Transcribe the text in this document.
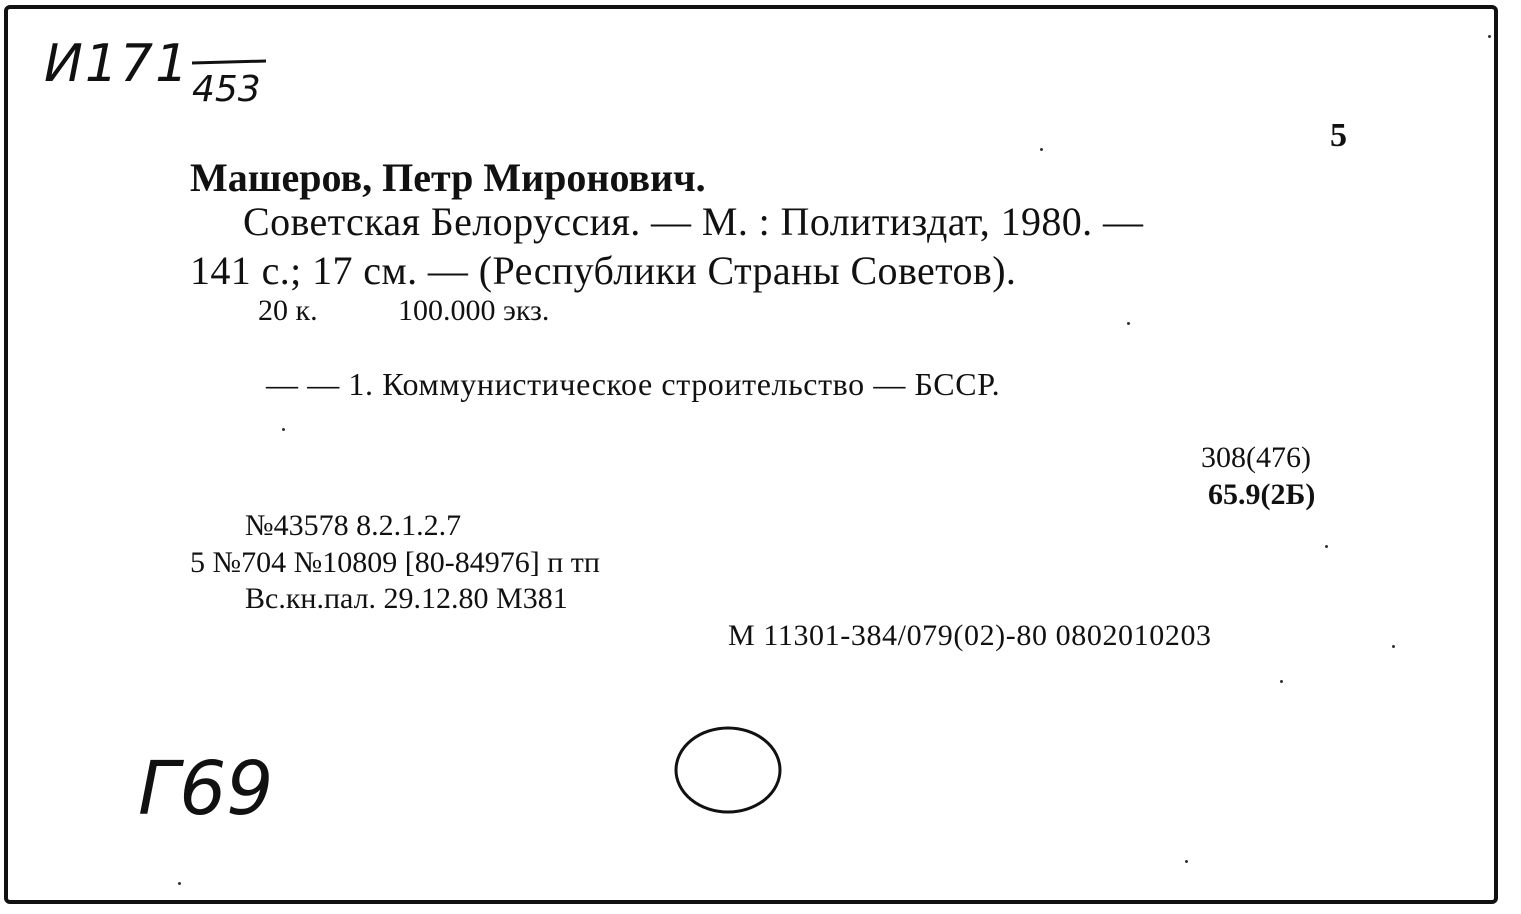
И171 453
5
Машеров, Петр Миронович.
Советская Белоруссия. — М. : Политиздат, 1980. —
141 с.; 17 см. — (Республики Страны Советов).
20 к.	100.000 экз.
— — 1. Коммунистическое строительство — БССР.
308(476)
65.9(2Б)
№43578 8.2.1.2.7
5 №704 №10809 [80-84976] п тп
Вс.кн.пал. 29.12.80 М381
М 11301-384/079(02)-80 0802010203
Г69
